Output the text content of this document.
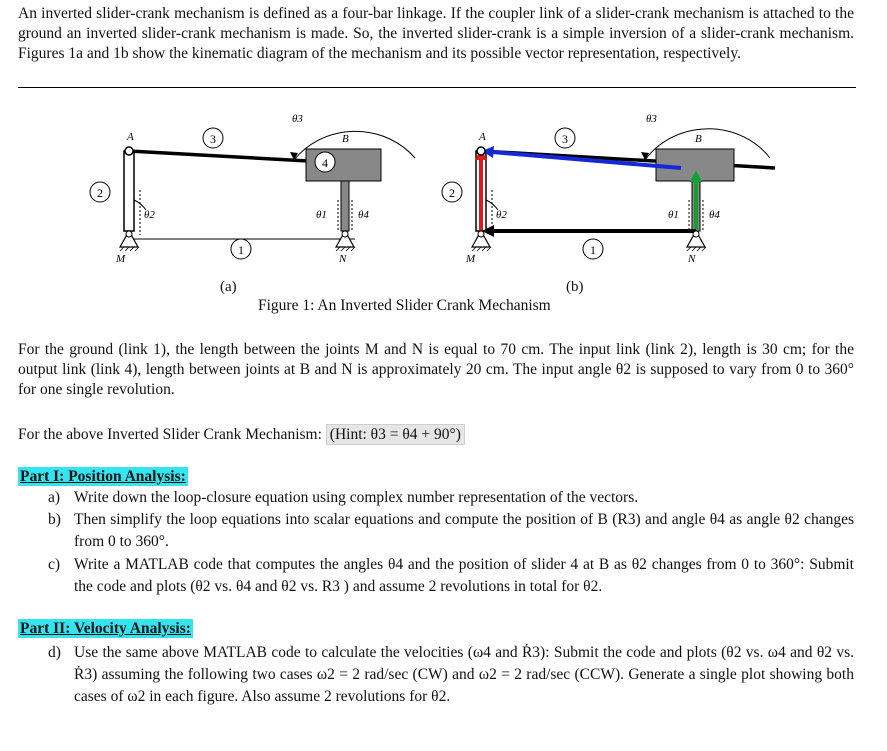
An inverted slider-crank mechanism is defined as a four-bar linkage. If the coupler link of a slider-crank mechanism is attached to the ground an inverted slider-crank mechanism is made. So, the inverted slider-crank is a simple inversion of a slider-crank mechanism. Figures 1a and 1b show the kinematic diagram of the mechanism and its possible vector representation, respectively.

2
3
4
1
A	B
M	N
θ3
θ2	θ1	θ4
2
3
1
A	B
M	N
θ3
θ2	θ1	θ4
(a)	(b)
Figure 1: An Inverted Slider Crank Mechanism

For the ground (link 1), the length between the joints M and N is equal to 70 cm. The input link (link 2), length is 30 cm; for the output link (link 4), length between joints at B and N is approximately 20 cm. The input angle θ2 is supposed to vary from 0 to 360° for one single revolution.

For the above Inverted Slider Crank Mechanism: (Hint: θ3 = θ4 + 90°)
Part I: Position Analysis:

a) Write down the loop-closure equation using complex number representation of the vectors.

b) Then simplify the loop equations into scalar equations and compute the position of B (R3) and angle θ4 as angle θ2 changes from 0 to 360°.

c) Write a MATLAB code that computes the angles θ4 and the position of slider 4 at B as θ2 changes from 0 to 360°: Submit the code and plots (θ2 vs. θ4 and θ2 vs. R3 ) and assume 2 revolutions in total for θ2.

Part II: Velocity Analysis:

d) Use the same above MATLAB code to calculate the velocities (ω4 and Ṙ3): Submit the code and plots (θ2 vs. ω4 and θ2 vs. Ṙ3) assuming the following two cases ω2 = 2 rad/sec (CW) and ω2 = 2 rad/sec (CCW). Generate a single plot showing both cases of ω2 in each figure. Also assume 2 revolutions for θ2.
